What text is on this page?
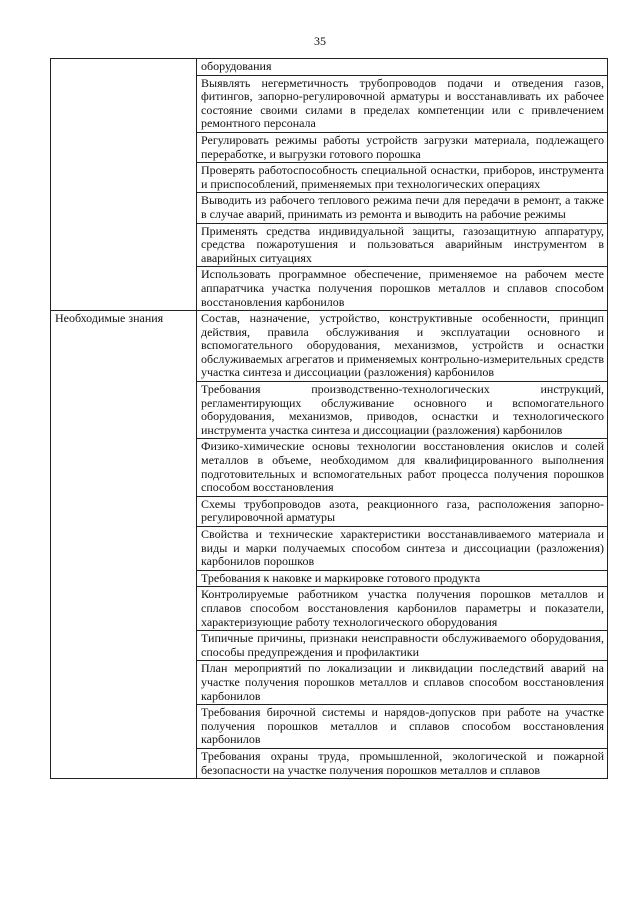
35
	оборудования
	Выявлять негерметичность трубопроводов подачи и отведения газов, фитингов, запорно-регулировочной арматуры и восстанавливать их рабочее состояние своими силами в пределах компетенции или с привлечением ремонтного персонала
	Регулировать режимы работы устройств загрузки материала, подлежащего переработке, и выгрузки готового порошка
	Проверять работоспособность специальной оснастки, приборов, инструмента и приспособлений, применяемых при технологических операциях
	Выводить из рабочего теплового режима печи для передачи в ремонт, а также в случае аварий, принимать из ремонта и выводить на рабочие режимы
	Применять средства индивидуальной защиты, газозащитную аппаратуру, средства пожаротушения и пользоваться аварийным инструментом в аварийных ситуациях
	Использовать программное обеспечение, применяемое на рабочем месте аппаратчика участка получения порошков металлов и сплавов способом восстановления карбонилов
Необходимые знания	Состав, назначение, устройство, конструктивные особенности, принцип действия, правила обслуживания и эксплуатации основного и вспомогательного оборудования, механизмов, устройств и оснастки обслуживаемых агрегатов и применяемых контрольно-измерительных средств участка синтеза и диссоциации (разложения) карбонилов
	Требования производственно-технологических инструкций, регламентирующих обслуживание основного и вспомогательного оборудования, механизмов, приводов, оснастки и технологического инструмента участка синтеза и диссоциации (разложения) карбонилов
	Физико-химические основы технологии восстановления окислов и солей металлов в объеме, необходимом для квалифицированного выполнения подготовительных и вспомогательных работ процесса получения порошков способом восстановления
	Схемы трубопроводов азота, реакционного газа, расположения запорно-регулировочной арматуры
	Свойства и технические характеристики восстанавливаемого материала и виды и марки получаемых способом синтеза и диссоциации (разложения) карбонилов порошков
	Требования к наковке и маркировке готового продукта
	Контролируемые работником участка получения порошков металлов и сплавов способом восстановления карбонилов параметры и показатели, характеризующие работу технологического оборудования
	Типичные причины, признаки неисправности обслуживаемого оборудования, способы предупреждения и профилактики
	План мероприятий по локализации и ликвидации последствий аварий на участке получения порошков металлов и сплавов способом восстановления карбонилов
	Требования бирочной системы и нарядов-допусков при работе на участке получения порошков металлов и сплавов способом восстановления карбонилов
	Требования охраны труда, промышленной, экологической и пожарной безопасности на участке получения порошков металлов и сплавов
